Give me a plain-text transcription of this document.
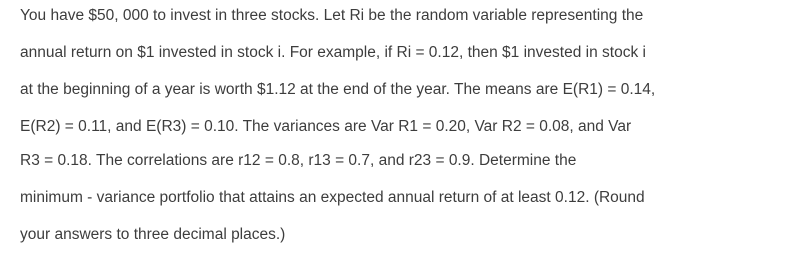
You have $50, 000 to invest in three stocks. Let Ri be the random variable representing the
annual return on $1 invested in stock i. For example, if Ri = 0.12, then $1 invested in stock i
at the beginning of a year is worth $1.12 at the end of the year. The means are E(R1) = 0.14,
E(R2) = 0.11, and E(R3) = 0.10. The variances are Var R1 = 0.20, Var R2 = 0.08, and Var
R3 = 0.18. The correlations are r12 = 0.8, r13 = 0.7, and r23 = 0.9. Determine the
minimum - variance portfolio that attains an expected annual return of at least 0.12. (Round
your answers to three decimal places.)
